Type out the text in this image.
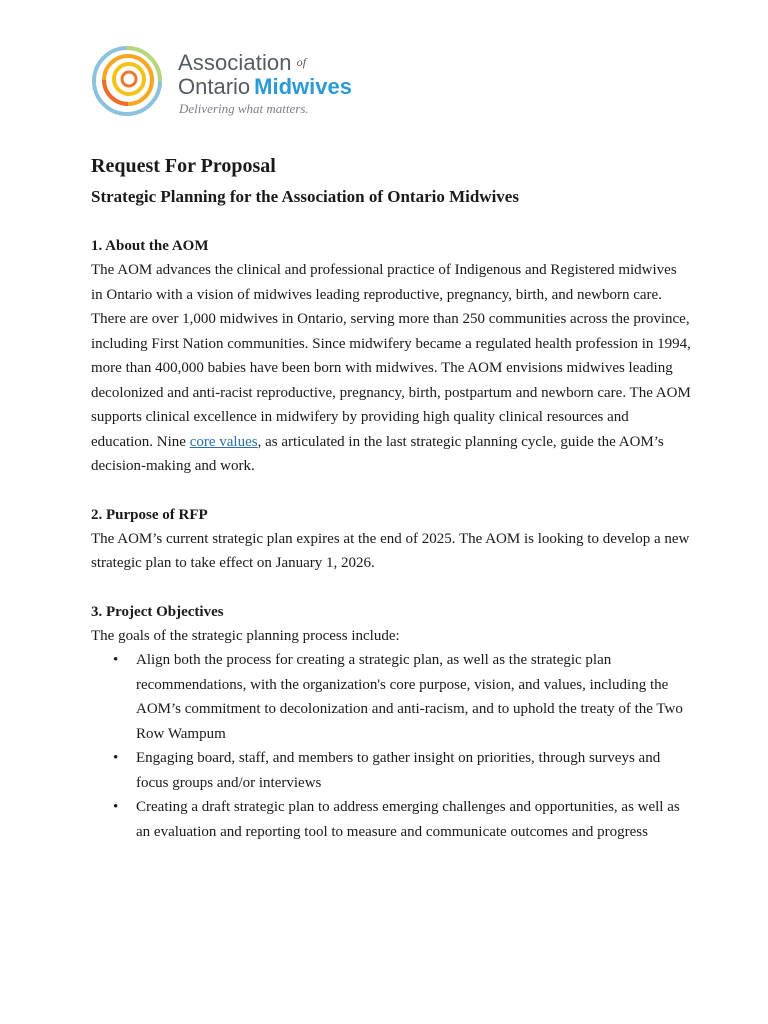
Association of
Ontario Midwives
Delivering what matters.
Request For Proposal
Strategic Planning for the Association of Ontario Midwives
1. About the AOM

The AOM advances the clinical and professional practice of Indigenous and Registered midwives in Ontario with a vision of midwives leading reproductive, pregnancy, birth, and newborn care. There are over 1,000 midwives in Ontario, serving more than 250 communities across the province, including First Nation communities. Since midwifery became a regulated health profession in 1994, more than 400,000 babies have been born with midwives. The AOM envisions midwives leading decolonized and anti-racist reproductive, pregnancy, birth, postpartum and newborn care. The AOM supports clinical excellence in midwifery by providing high quality clinical resources and education. Nine core values, as articulated in the last strategic planning cycle, guide the AOM’s decision-making and work.

2. Purpose of RFP

The AOM’s current strategic plan expires at the end of 2025. The AOM is looking to develop a new strategic plan to take effect on January 1, 2026.

3. Project Objectives

The goals of the strategic planning process include:

• Align both the process for creating a strategic plan, as well as the strategic plan recommendations, with the organization's core purpose, vision, and values, including the AOM’s commitment to decolonization and anti-racism, and to uphold the treaty of the Two Row Wampum
• Engaging board, staff, and members to gather insight on priorities, through surveys and focus groups and/or interviews
• Creating a draft strategic plan to address emerging challenges and opportunities, as well as an evaluation and reporting tool to measure and communicate outcomes and progress
